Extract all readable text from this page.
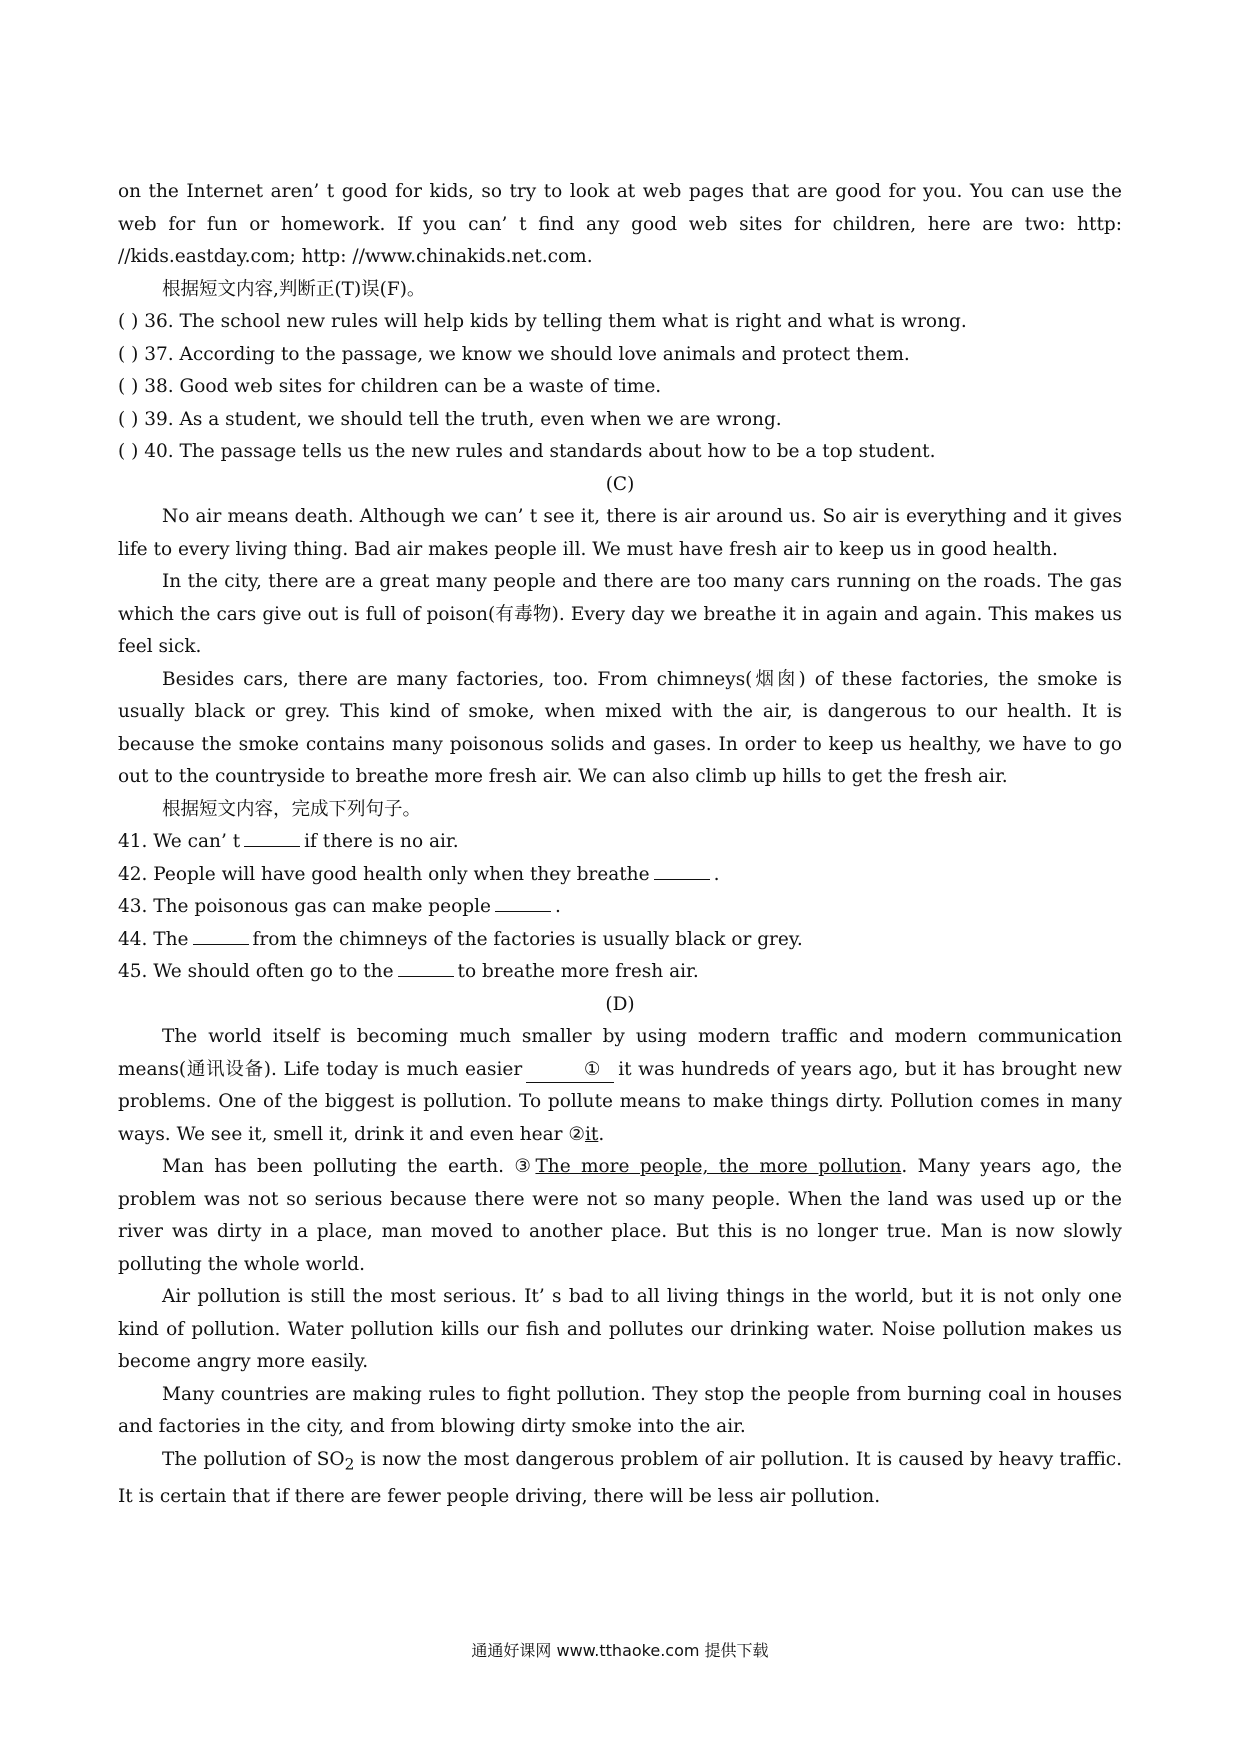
on the Internet aren’ t good for kids, so try to look at web pages that are good for you. You can use the web for fun or homework. If you can’ t find any good web sites for children, here are two: http: //kids.eastday.com; http: //www.chinakids.net.com.

根据短文内容,判断正(T)误(F)。

( ) 36. The school new rules will help kids by telling them what is right and what is wrong.

( ) 37. According to the passage, we know we should love animals and protect them.

( ) 38. Good web sites for children can be a waste of time.

( ) 39. As a student, we should tell the truth, even when we are wrong.

( ) 40. The passage tells us the new rules and standards about how to be a top student.

(C)

No air means death. Although we can’ t see it, there is air around us. So air is everything and it gives life to every living thing. Bad air makes people ill. We must have fresh air to keep us in good health.

In the city, there are a great many people and there are too many cars running on the roads. The gas which the cars give out is full of poison(有毒物). Every day we breathe it in again and again. This makes us feel sick.

Besides cars, there are many factories, too. From chimneys(烟囱) of these factories, the smoke is usually black or grey. This kind of smoke, when mixed with the air, is dangerous to our health. It is because the smoke contains many poisonous solids and gases. In order to keep us healthy, we have to go out to the countryside to breathe more fresh air. We can also climb up hills to get the fresh air.

根据短文内容，完成下列句子。

41. We can’ t	if there is no air.

42. People will have good health only when they breathe	.

43. The poisonous gas can make people	.

44. The	from the chimneys of the factories is usually black or grey.

45. We should often go to the	to breathe more fresh air.

(D)

The world itself is becoming much smaller by using modern traffic and modern communication means(通讯设备). Life today is much easier	① it was hundreds of years ago, but it has brought new problems. One of the biggest is pollution. To pollute means to make things dirty. Pollution comes in many ways. We see it, smell it, drink it and even hear ②it.

Man has been polluting the earth. ③The more people, the more pollution. Many years ago, the problem was not so serious because there were not so many people. When the land was used up or the river was dirty in a place, man moved to another place. But this is no longer true. Man is now slowly polluting the whole world.

Air pollution is still the most serious. It’ s bad to all living things in the world, but it is not only one kind of pollution. Water pollution kills our fish and pollutes our drinking water. Noise pollution makes us become angry more easily.

Many countries are making rules to fight pollution. They stop the people from burning coal in houses and factories in the city, and from blowing dirty smoke into the air.

The pollution of $SO_2$ is now the most dangerous problem of air pollution. It is caused by heavy traffic. It is certain that if there are fewer people driving, there will be less air pollution.

通通好课网 www.tthaoke.com 提供下载
